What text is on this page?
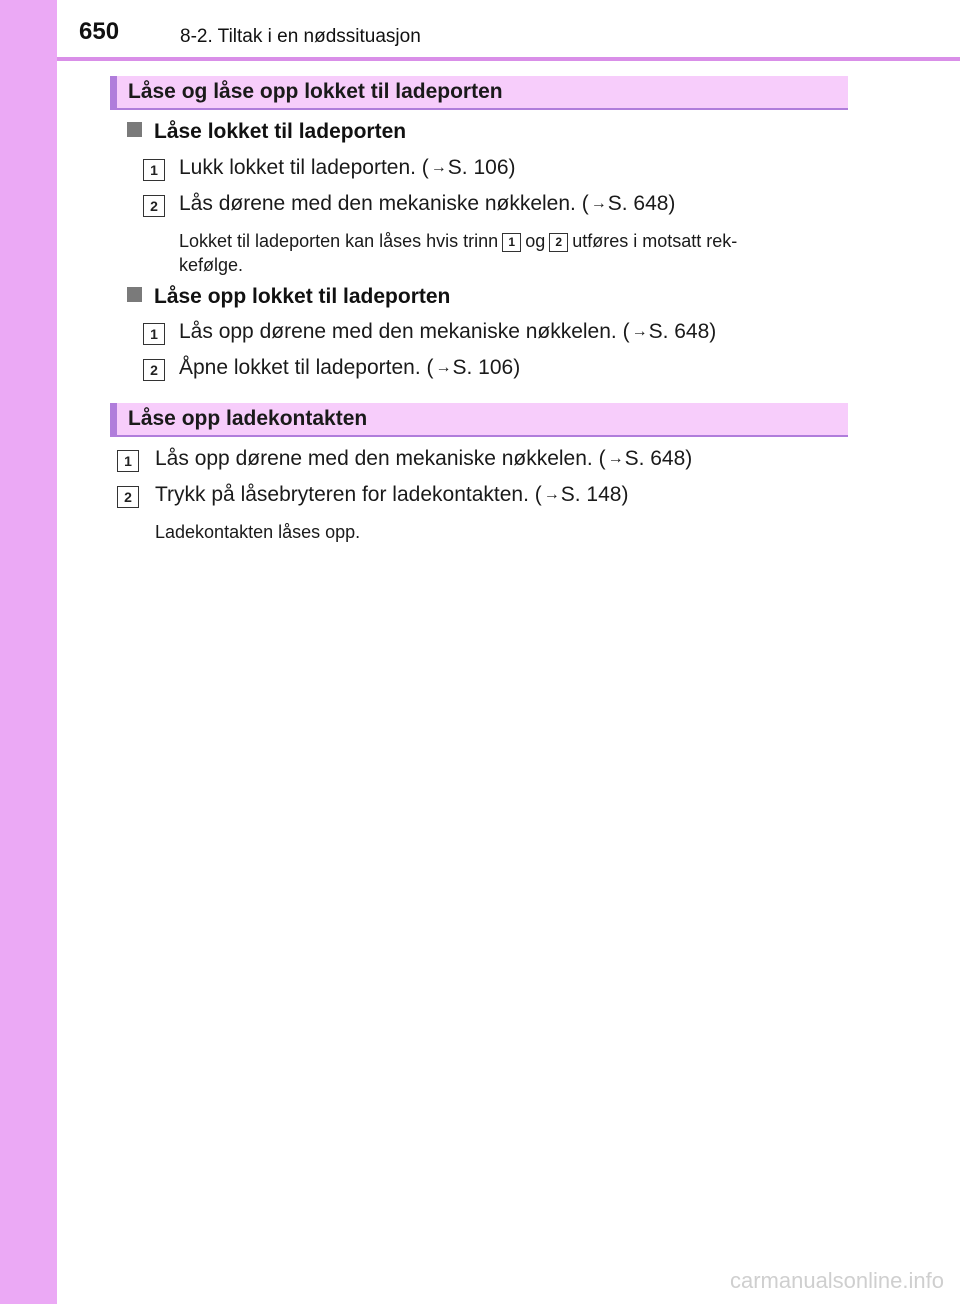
650	8-2. Tiltak i en nødssituasjon
Låse og låse opp lokket til ladeporten
Låse lokket til ladeporten
1	Lukk lokket til ladeporten. ( →S. 106)
2	Lås dørene med den mekaniske nøkkelen. ( →S. 648)
Lokket til ladeporten kan låses hvis trinn 1 og 2 utføres i motsatt rek-
kefølge.
Låse opp lokket til ladeporten
1	Lås opp dørene med den mekaniske nøkkelen. ( →S. 648)
2	Åpne lokket til ladeporten. ( →S. 106)
Låse opp ladekontakten
1	Lås opp dørene med den mekaniske nøkkelen. ( →S. 648)
2	Trykk på låsebryteren for ladekontakten. ( →S. 148)
Ladekontakten låses opp.
carmanualsonline.info
